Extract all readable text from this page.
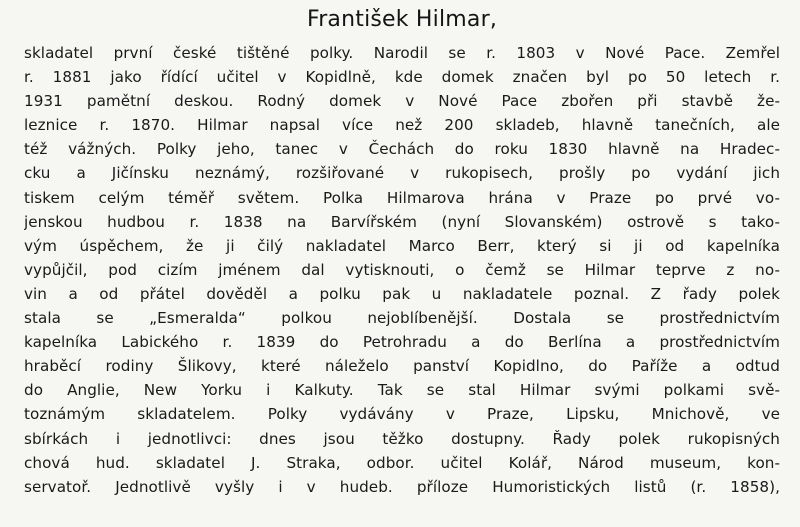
František Hilmar,
skladatel první české tištěné polky. Narodil se r. 1803 v Nové Pace. Zemřel
r. 1881 jako řídící učitel v Kopidlně, kde domek značen byl po 50 letech r.
1931 pamětní deskou. Rodný domek v Nové Pace zbořen při stavbě že-
leznice r. 1870. Hilmar napsal více než 200 skladeb, hlavně tanečních, ale
též vážných. Polky jeho, tanec v Čechách do roku 1830 hlavně na Hradec-
cku a Jičínsku neznámý, rozšiřované v rukopisech, prošly po vydání jich
tiskem celým téměř světem. Polka Hilmarova hrána v Praze po prvé vo-
jenskou hudbou r. 1838 na Barvířském (nyní Slovanském) ostrově s tako-
vým úspěchem, že ji čilý nakladatel Marco Berr, který si ji od kapelníka
vypůjčil, pod cizím jménem dal vytisknouti, o čemž se Hilmar teprve z no-
vin a od přátel dověděl a polku pak u nakladatele poznal. Z řady polek
stala se „Esmeralda“ polkou nejoblíbenější. Dostala se prostřednictvím
kapelníka Labického r. 1839 do Petrohradu a do Berlína a prostřednictvím
hraběcí rodiny Šlikovy, které náleželo panství Kopidlno, do Paříže a odtud
do Anglie, New Yorku i Kalkuty. Tak se stal Hilmar svými polkami svě-
toznámým skladatelem. Polky vydávány v Praze, Lipsku, Mnichově, ve
sbírkách i jednotlivci: dnes jsou těžko dostupny. Řady polek rukopisných
chová hud. skladatel J. Straka, odbor. učitel Kolář, Národ museum, kon-
servatoř. Jednotlivě vyšly i v hudeb. příloze Humoristických listů (r. 1858),
